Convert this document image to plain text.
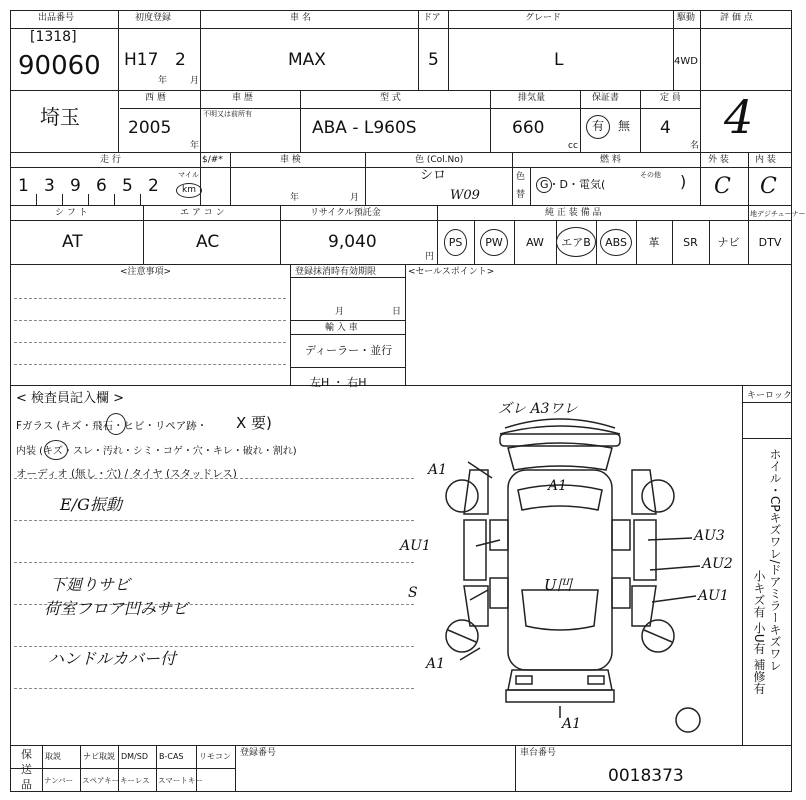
出品番号
[1318]
90060
初度登録
H17 2
年	月
車 名
MAX
ドア
5
グレード
L
駆動
4WD
評 価 点
4
埼玉
西 暦
2005
年
車 歴
不明又は前所有
型 式
ABA - L960S
排気量
660
cc
保証書
有 無
定 員
4
名
走 行
1 3 9 6 5 2
マイル
km
$/#*	車 検
年	月
色 (Col.No)
シロ
W09
色
替
燃 料
G・D・電気(
その他 )
外 装
C
内 装
C
シ フ ト
AT
エ ア コ ン
AC
リサイクル預託金
9,040
円
純 正 装 備 品	地デジチューナー
PS	PW	AW	エアB	ABS	革 SR ナビ DTV
<注意事項>	登録抹消時有効期限
月	日
輸 入 車
ディーラー・並行
左H ・ 右H
<セールスポイント>
< 検査員記入欄 >
Fガラス (キズ・飛石・ヒビ・リペア跡・ X 要)
内装 (キズ・スレ・汚れ・シミ・コゲ・穴・キレ・破れ・割れ)
オーディオ (無し・穴) / タイヤ (スタッドレス)
E/G振動
下廻りサビ
荷室フロア凹みサビ
ハンドルカバー付
ズレ A3ワレ
A1
A1
AU1
S
A1
AU3
AU2
AU1
U凹
A1
キーロック
ホイル・CPキズワレ/ドアミラーキズワレ
小キズ有 小U有 補修有
保
送
品
取説	ナビ取説 DM/SD B-CAS リモコン
ナンバー スペアキー キーレス スマートキー
登録番号	車台番号
0018373
